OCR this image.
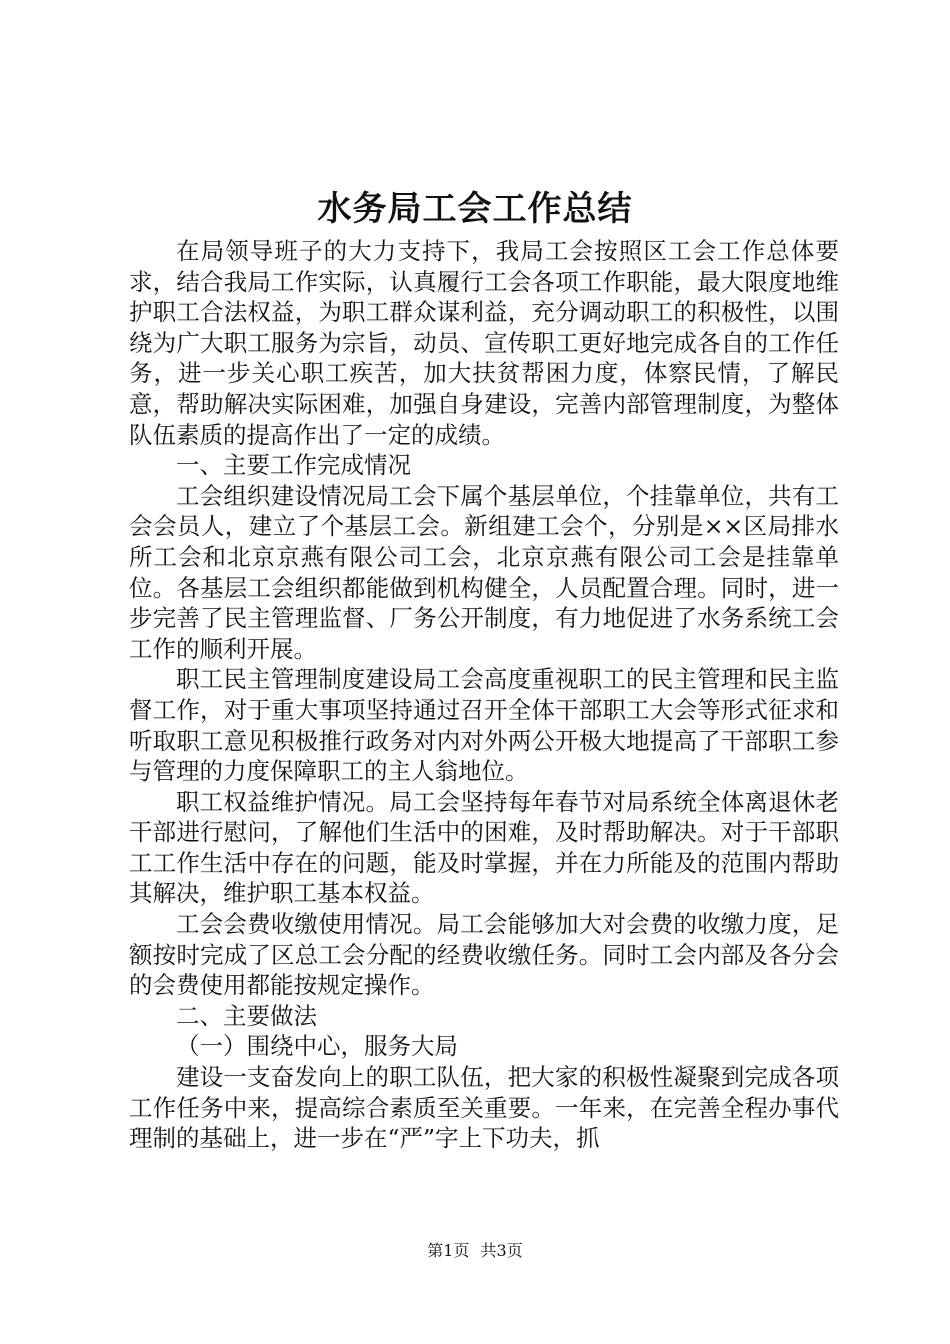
水务局工会工作总结

在局领导班子的大力支持下，我局工会按照区工会工作总体要求，结合我局工作实际，认真履行工会各项工作职能，最大限度地维护职工合法权益，为职工群众谋利益，充分调动职工的积极性，以围绕为广大职工服务为宗旨，动员、宣传职工更好地完成各自的工作任务，进一步关心职工疾苦，加大扶贫帮困力度，体察民情，了解民意，帮助解决实际困难，加强自身建设，完善内部管理制度，为整体队伍素质的提高作出了一定的成绩。

一、主要工作完成情况

工会组织建设情况局工会下属个基层单位，个挂靠单位，共有工会会员人，建立了个基层工会。新组建工会个，分别是××区局排水所工会和北京京燕有限公司工会，北京京燕有限公司工会是挂靠单位。各基层工会组织都能做到机构健全，人员配置合理。同时，进一步完善了民主管理监督、厂务公开制度，有力地促进了水务系统工会工作的顺利开展。

职工民主管理制度建设局工会高度重视职工的民主管理和民主监督工作，对于重大事项坚持通过召开全体干部职工大会等形式征求和听取职工意见积极推行政务对内对外两公开极大地提高了干部职工参与管理的力度保障职工的主人翁地位。

职工权益维护情况。局工会坚持每年春节对局系统全体离退休老干部进行慰问，了解他们生活中的困难，及时帮助解决。对于干部职工工作生活中存在的问题，能及时掌握，并在力所能及的范围内帮助其解决，维护职工基本权益。

工会会费收缴使用情况。局工会能够加大对会费的收缴力度，足额按时完成了区总工会分配的经费收缴任务。同时工会内部及各分会的会费使用都能按规定操作。

二、主要做法

（一）围绕中心，服务大局

建设一支奋发向上的职工队伍，把大家的积极性凝聚到完成各项工作任务中来，提高综合素质至关重要。一年来，在完善全程办事代理制的基础上，进一步在“严”字上下功夫，抓

第1页 共3页
